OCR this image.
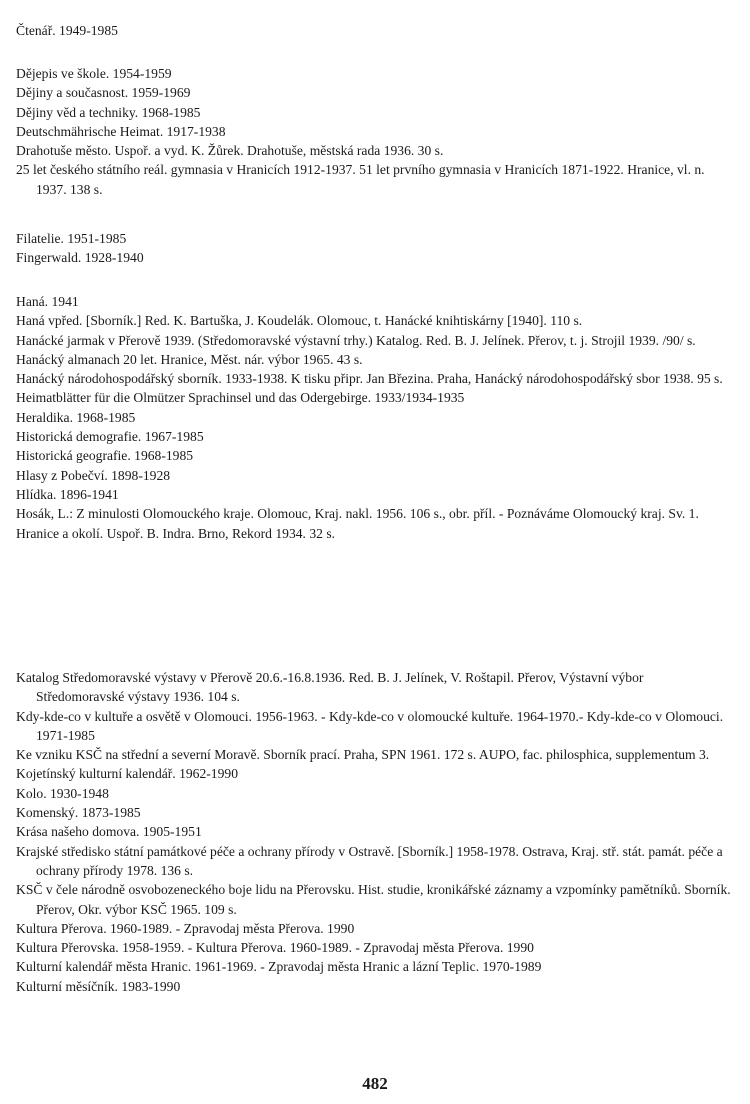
Čtenář. 1949-1985

Dějepis ve škole. 1954-1959

Dějiny a současnost. 1959-1969

Dějiny věd a techniky. 1968-1985

Deutschmährische Heimat. 1917-1938

Drahotuše město. Uspoř. a vyd. K. Žůrek. Drahotuše, městská rada 1936. 30 s.

25 let českého státního reál. gymnasia v Hranicích 1912-1937. 51 let prvního gymnasia v Hranicích 1871-1922. Hranice, vl. n. 1937. 138 s.

Filatelie. 1951-1985

Fingerwald. 1928-1940

Haná. 1941

Haná vpřed. [Sborník.] Red. K. Bartuška, J. Koudelák. Olomouc, t. Hanácké knihtiskárny [1940]. 110 s.

Hanácké jarmak v Přerově 1939. (Středomoravské výstavní trhy.) Katalog. Red. B. J. Jelínek. Přerov, t. j. Strojil 1939. /90/ s.

Hanácký almanach 20 let. Hranice, Měst. nár. výbor 1965. 43 s.

Hanácký národohospodářský sborník. 1933-1938. K tisku připr. Jan Březina. Praha, Hanácký národohospodářský sbor 1938. 95 s.

Heimatblätter für die Olmützer Sprachinsel und das Odergebirge. 1933/1934-1935

Heraldika. 1968-1985

Historická demografie. 1967-1985

Historická geografie. 1968-1985

Hlasy z Pobečví. 1898-1928

Hlídka. 1896-1941

Hosák, L.: Z minulosti Olomouckého kraje. Olomouc, Kraj. nakl. 1956. 106 s., obr. příl. - Poznáváme Olomoucký kraj. Sv. 1.

Hranice a okolí. Uspoř. B. Indra. Brno, Rekord 1934. 32 s.

Katalog Středomoravské výstavy v Přerově 20.6.-16.8.1936. Red. B. J. Jelínek, V. Roštapil. Přerov, Výstavní výbor Středomoravské výstavy 1936. 104 s.

Kdy-kde-co v kultuře a osvětě v Olomouci. 1956-1963. - Kdy-kde-co v olomoucké kultuře. 1964-1970.- Kdy-kde-co v Olomouci. 1971-1985

Ke vzniku KSČ na střední a severní Moravě. Sborník prací. Praha, SPN 1961. 172 s. AUPO, fac. philosphica, supplementum 3.

Kojetínský kulturní kalendář. 1962-1990

Kolo. 1930-1948

Komenský. 1873-1985

Krása našeho domova. 1905-1951

Krajské středisko státní památkové péče a ochrany přírody v Ostravě. [Sborník.] 1958-1978. Ostrava, Kraj. stř. stát. památ. péče a ochrany přírody 1978. 136 s.

KSČ v čele národně osvobozeneckého boje lidu na Přerovsku. Hist. studie, kronikářské záznamy a vzpomínky pamětníků. Sborník. Přerov, Okr. výbor KSČ 1965. 109 s.

Kultura Přerova. 1960-1989. - Zpravodaj města Přerova. 1990

Kultura Přerovska. 1958-1959. - Kultura Přerova. 1960-1989. - Zpravodaj města Přerova. 1990

Kulturní kalendář města Hranic. 1961-1969. - Zpravodaj města Hranic a lázní Teplic. 1970-1989

Kulturní měsíčník. 1983-1990

482
